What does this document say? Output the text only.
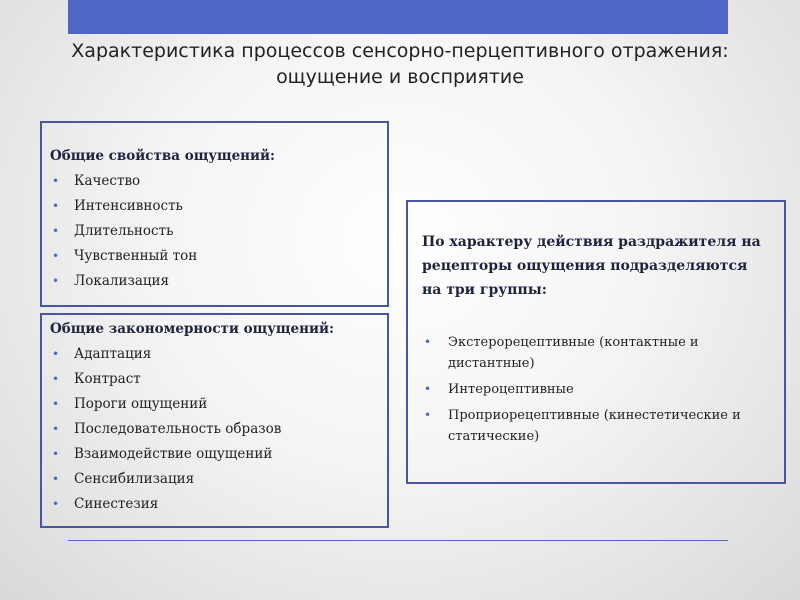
Характеристика процессов сенсорно-перцептивного отражения: ощущение и восприятие
Общие свойства ощущений:
• Качество
• Интенсивность
• Длительность
• Чувственный тон
• Локализация
Общие закономерности ощущений:
• Адаптация
• Контраст
• Пороги ощущений
• Последовательность образов
• Взаимодействие ощущений
• Сенсибилизация
• Синестезия
По характеру действия раздражителя на рецепторы ощущения подразделяются на три группы:
• Экстерорецептивные (контактные и дистантные)
• Интероцептивные
• Проприорецептивные (кинестетические и статические)
